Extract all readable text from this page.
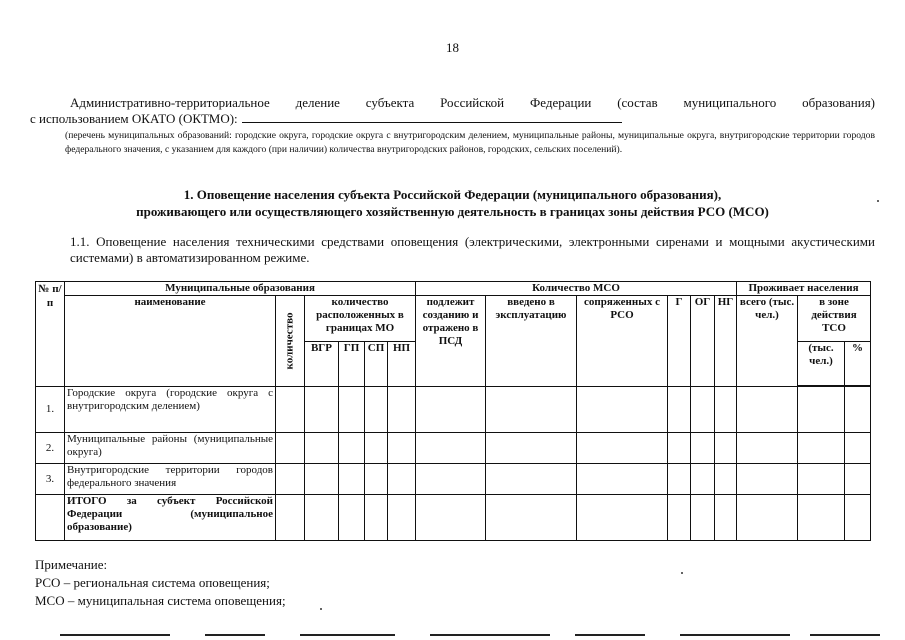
18
Административно-территориальное деление субъекта Российской Федерации (состав муниципального образования)
с использованием ОКАТО (ОКТМО):
(перечень муниципальных образований: городские округа, городские округа с внутригородским делением, муниципальные районы, муниципальные округа, внутригородские территории городов федерального значения, с указанием для каждого (при наличии) количества внутригородских районов, городских, сельских поселений).
1. Оповещение населения субъекта Российской Федерации (муниципального образования),
проживающего или осуществляющего хозяйственную деятельность в границах зоны действия РСО (МСО)
1.1. Оповещение населения техническими средствами оповещения (электрическими, электронными сиренами и мощными акустическими системами) в автоматизированном режиме.
№ п/п	Муниципальные образования						Количество МСО						Проживает населения		
	наименование	количество	количество расположенных в границах МО				подлежит созданию и отражено в ПСД	введено в эксплуатацию	сопряженных с РСО	Г	ОГ	НГ	всего (тыс. чел.)	в зоне действия ТСО	
			ВГР	ГП	СП	НП								(тыс. чел.)	%

1.	Городские округа (городские округа с внутригородским делением)														
2.	Муниципальные районы (муниципальные округа)														
3.	Внутригородские территории городов федерального значения														
	ИТОГО за субъект Российской Федерации (муниципальное образование)														
Примечание:
РСО – региональная система оповещения;
МСО – муниципальная система оповещения;
